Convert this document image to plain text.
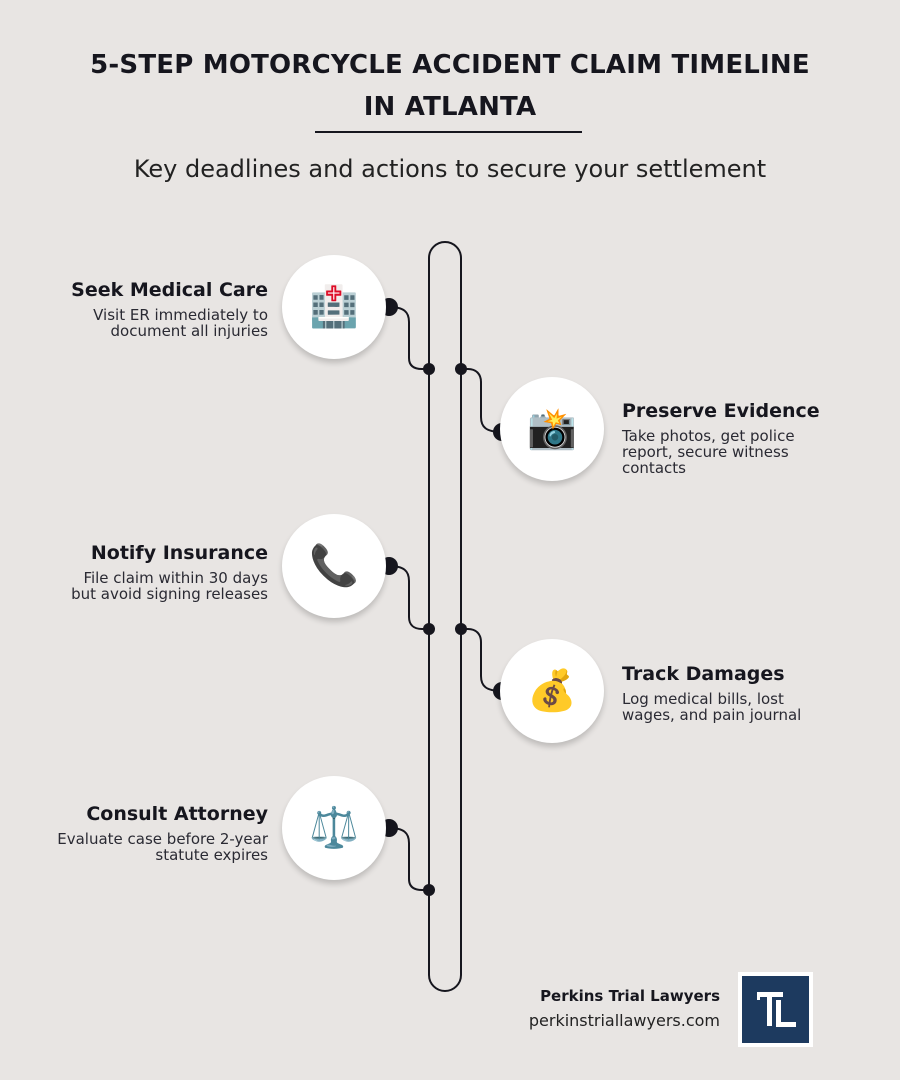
5-STEP MOTORCYCLE ACCIDENT CLAIM TIMELINE
IN ATLANTA

Key deadlines and actions to secure your settlement

🏥

Seek Medical Care

Visit ER immediately to
document all injuries

📸 Preserve Evidence

Take photos, get police
report, secure witness
contacts

📞

Notify Insurance

File claim within 30 days
but avoid signing releases

💰 Track Damages

Log medical bills, lost
wages, and pain journal

⚖️

Consult Attorney

Evaluate case before 2-year
statute expires

Perkins Trial Lawyers
perkinstriallawyers.com
